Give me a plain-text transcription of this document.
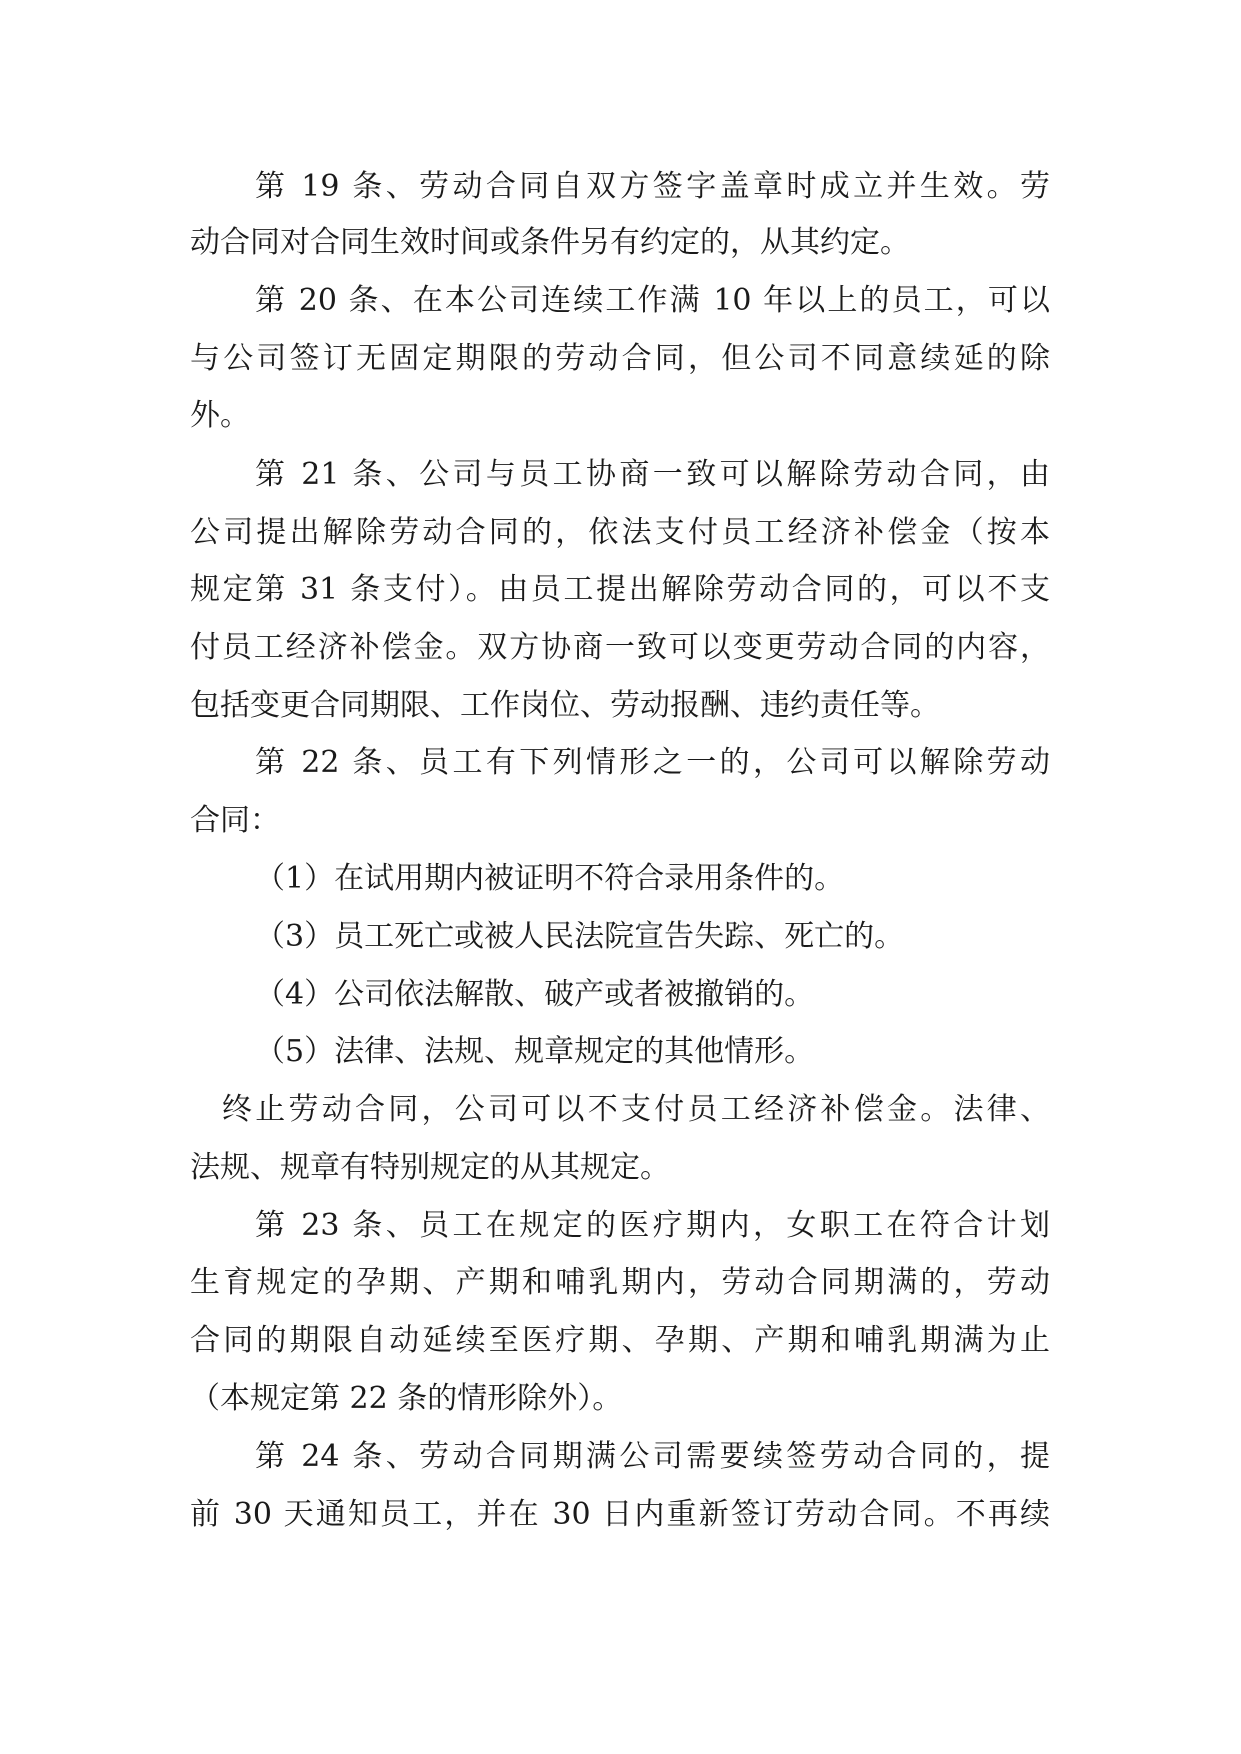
第 19 条、劳动合同自双方签字盖章时成立并生效。劳
动合同对合同生效时间或条件另有约定的，从其约定。
第 20 条、在本公司连续工作满 10 年以上的员工，可以
与公司签订无固定期限的劳动合同，但公司不同意续延的除
外。
第 21 条、公司与员工协商一致可以解除劳动合同，由
公司提出解除劳动合同的，依法支付员工经济补偿金（按本
规定第 31 条支付）。由员工提出解除劳动合同的，可以不支
付员工经济补偿金。双方协商一致可以变更劳动合同的内容，
包括变更合同期限、工作岗位、劳动报酬、违约责任等。
第 22 条、员工有下列情形之一的，公司可以解除劳动
合同：
（1）在试用期内被证明不符合录用条件的。
（3）员工死亡或被人民法院宣告失踪、死亡的。
（4）公司依法解散、破产或者被撤销的。
（5）法律、法规、规章规定的其他情形。
终止劳动合同，公司可以不支付员工经济补偿金。法律、
法规、规章有特别规定的从其规定。
第 23 条、员工在规定的医疗期内，女职工在符合计划
生育规定的孕期、产期和哺乳期内，劳动合同期满的，劳动
合同的期限自动延续至医疗期、孕期、产期和哺乳期满为止
（本规定第 22 条的情形除外）。
第 24 条、劳动合同期满公司需要续签劳动合同的，提
前 30 天通知员工，并在 30 日内重新签订劳动合同。不再续
